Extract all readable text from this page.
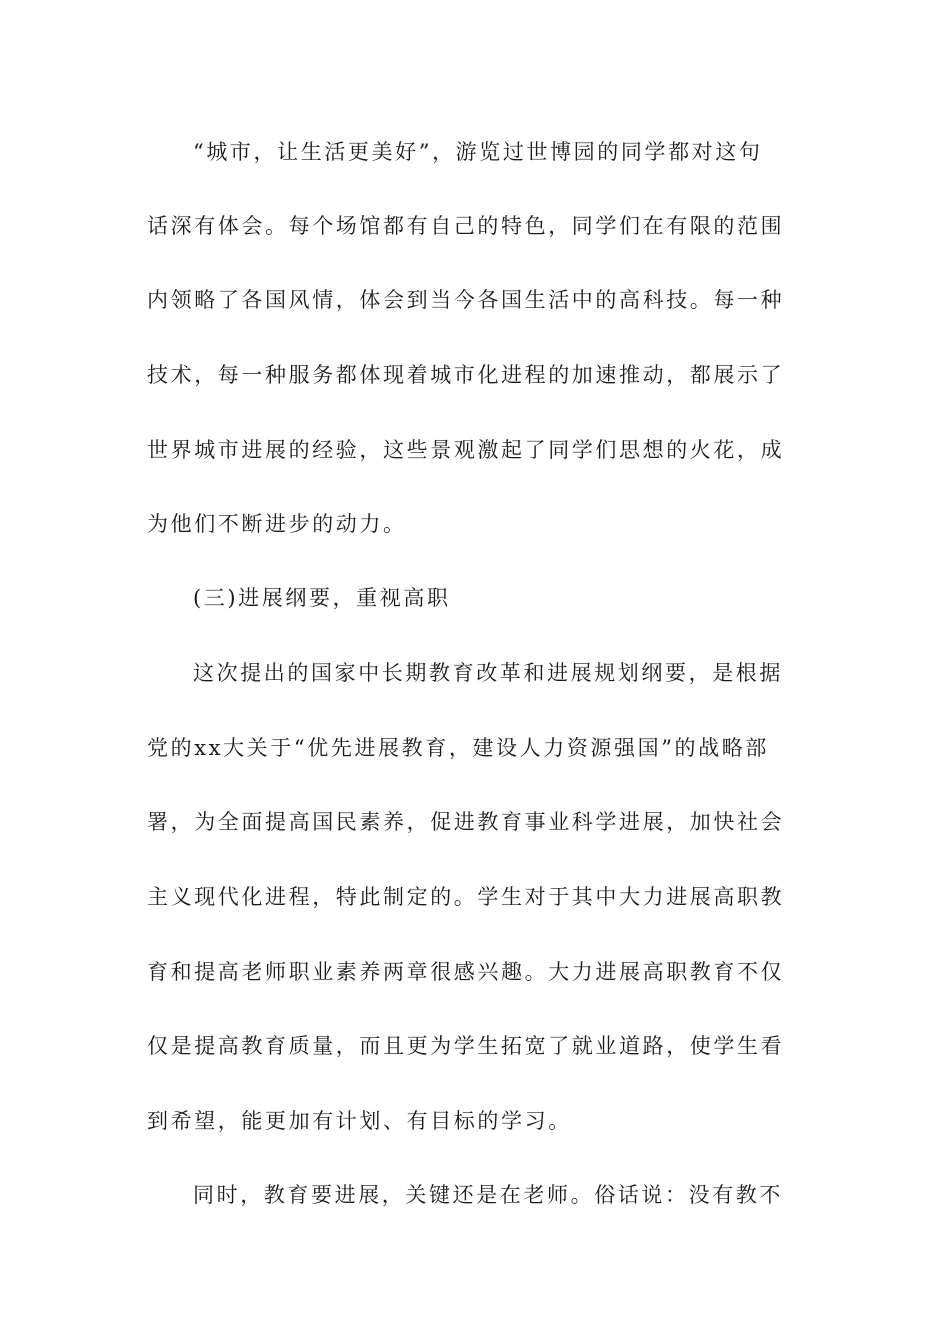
“城市，让生活更美好”，游览过世博园的同学都对这句
话深有体会。每个场馆都有自己的特色，同学们在有限的范围
内领略了各国风情，体会到当今各国生活中的高科技。每一种
技术，每一种服务都体现着城市化进程的加速推动，都展示了
世界城市进展的经验，这些景观激起了同学们思想的火花，成
为他们不断进步的动力。
(三)进展纲要，重视高职
这次提出的国家中长期教育改革和进展规划纲要，是根据
党的xx大关于“优先进展教育，建设人力资源强国”的战略部
署，为全面提高国民素养，促进教育事业科学进展，加快社会
主义现代化进程，特此制定的。学生对于其中大力进展高职教
育和提高老师职业素养两章很感兴趣。大力进展高职教育不仅
仅是提高教育质量，而且更为学生拓宽了就业道路，使学生看
到希望，能更加有计划、有目标的学习。
同时，教育要进展，关键还是在老师。俗话说：没有教不
